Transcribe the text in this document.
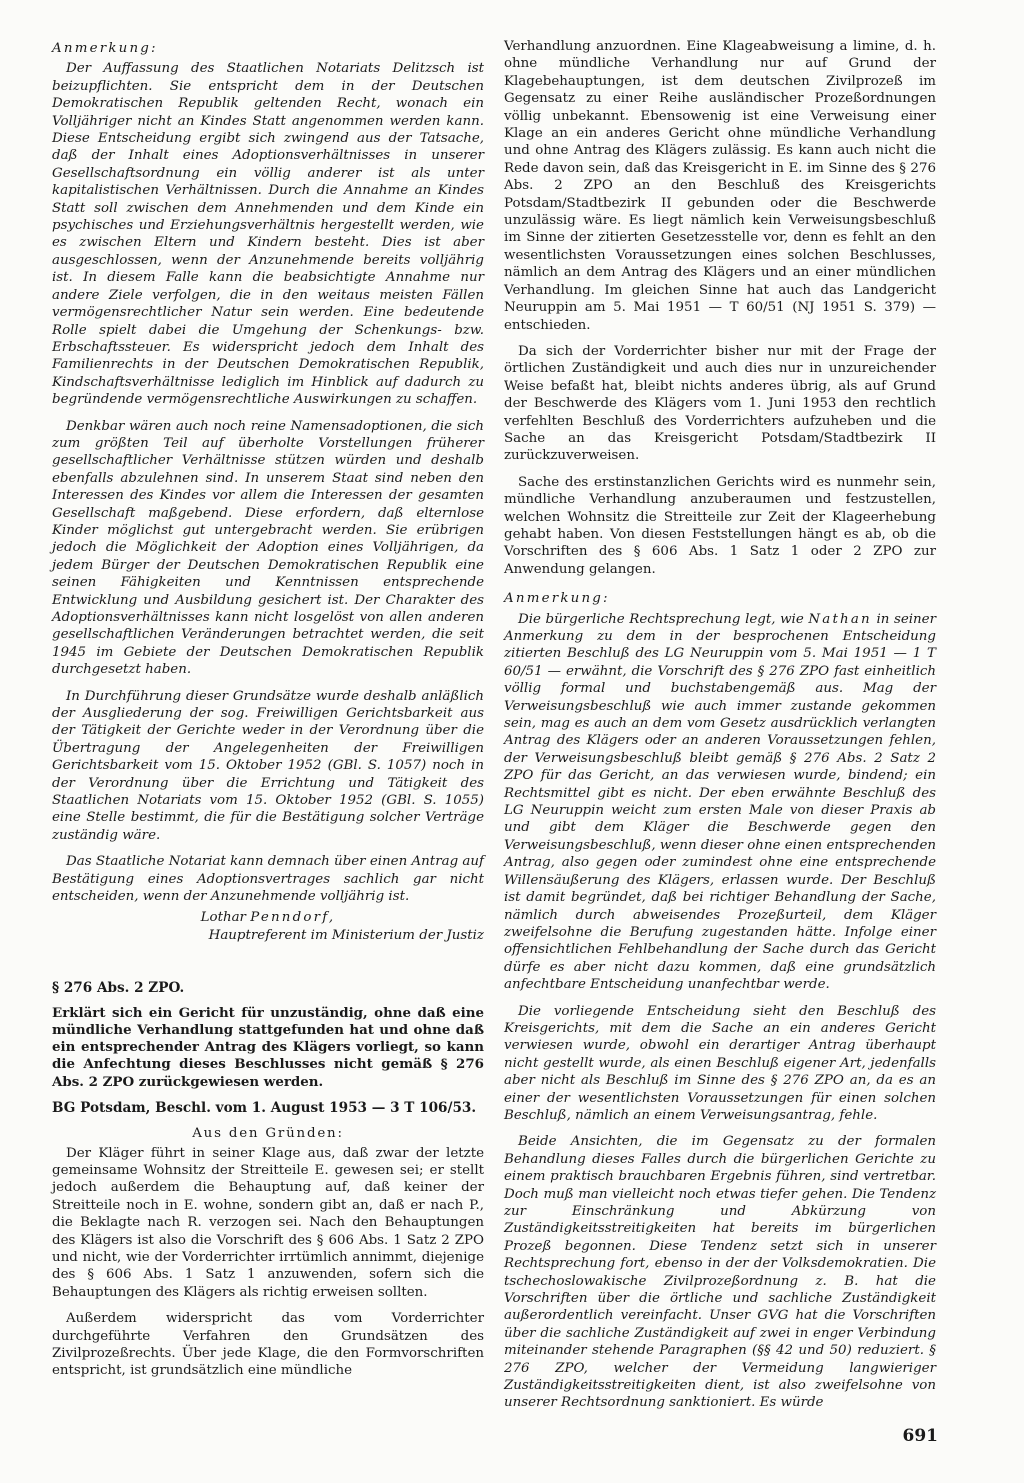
Anmerkung:

Der Auffassung des Staatlichen Notariats Delitzsch ist beizupflichten. Sie entspricht dem in der Deutschen Demokratischen Republik geltenden Recht, wonach ein Volljähriger nicht an Kindes Statt angenommen werden kann. Diese Entscheidung ergibt sich zwingend aus der Tatsache, daß der Inhalt eines Adoptionsverhältnisses in unserer Gesellschaftsordnung ein völlig anderer ist als unter kapitalistischen Verhältnissen. Durch die Annahme an Kindes Statt soll zwischen dem Annehmenden und dem Kinde ein psychisches und Erziehungsverhältnis hergestellt werden, wie es zwischen Eltern und Kindern besteht. Dies ist aber ausgeschlossen, wenn der Anzunehmende bereits volljährig ist. In diesem Falle kann die beabsichtigte Annahme nur andere Ziele verfolgen, die in den weitaus meisten Fällen vermögensrechtlicher Natur sein werden. Eine bedeutende Rolle spielt dabei die Umgehung der Schenkungs- bzw. Erbschaftssteuer. Es widerspricht jedoch dem Inhalt des Familienrechts in der Deutschen Demokratischen Republik, Kindschaftsverhältnisse lediglich im Hinblick auf dadurch zu begründende vermögensrechtliche Auswirkungen zu schaffen.

Denkbar wären auch noch reine Namensadoptionen, die sich zum größten Teil auf überholte Vorstellungen früherer gesellschaftlicher Verhältnisse stützen würden und deshalb ebenfalls abzulehnen sind. In unserem Staat sind neben den Interessen des Kindes vor allem die Interessen der gesamten Gesellschaft maßgebend. Diese erfordern, daß elternlose Kinder möglichst gut untergebracht werden. Sie erübrigen jedoch die Möglichkeit der Adoption eines Volljährigen, da jedem Bürger der Deutschen Demokratischen Republik eine seinen Fähigkeiten und Kenntnissen entsprechende Entwicklung und Ausbildung gesichert ist. Der Charakter des Adoptionsverhältnisses kann nicht losgelöst von allen anderen gesellschaftlichen Veränderungen betrachtet werden, die seit 1945 im Gebiete der Deutschen Demokratischen Republik durchgesetzt haben.

In Durchführung dieser Grundsätze wurde deshalb anläßlich der Ausgliederung der sog. Freiwilligen Gerichtsbarkeit aus der Tätigkeit der Gerichte weder in der Verordnung über die Übertragung der Angelegenheiten der Freiwilligen Gerichtsbarkeit vom 15. Oktober 1952 (GBl. S. 1057) noch in der Verordnung über die Errichtung und Tätigkeit des Staatlichen Notariats vom 15. Oktober 1952 (GBl. S. 1055) eine Stelle bestimmt, die für die Bestätigung solcher Verträge zuständig wäre.

Das Staatliche Notariat kann demnach über einen Antrag auf Bestätigung eines Adoptionsvertrages sachlich gar nicht entscheiden, wenn der Anzunehmende volljährig ist.

Lothar Penndorf,

Hauptreferent im Ministerium der Justiz

§ 276 Abs. 2 ZPO.

Erklärt sich ein Gericht für unzuständig, ohne daß eine mündliche Verhandlung stattgefunden hat und ohne daß ein entsprechender Antrag des Klägers vorliegt, so kann die Anfechtung dieses Beschlusses nicht gemäß § 276 Abs. 2 ZPO zurückgewiesen werden.

BG Potsdam, Beschl. vom 1. August 1953 — 3 T 106/53.

Aus den Gründen:

Der Kläger führt in seiner Klage aus, daß zwar der letzte gemeinsame Wohnsitz der Streitteile E. gewesen sei; er stellt jedoch außerdem die Behauptung auf, daß keiner der Streitteile noch in E. wohne, sondern gibt an, daß er nach P., die Beklagte nach R. verzogen sei. Nach den Behauptungen des Klägers ist also die Vorschrift des § 606 Abs. 1 Satz 2 ZPO und nicht, wie der Vorderrichter irrtümlich annimmt, diejenige des § 606 Abs. 1 Satz 1 anzuwenden, sofern sich die Behauptungen des Klägers als richtig erweisen sollten.

Außerdem widerspricht das vom Vorderrichter durchgeführte Verfahren den Grundsätzen des Zivilprozeßrechts. Über jede Klage, die den Formvorschriften entspricht, ist grundsätzlich eine mündliche

Verhandlung anzuordnen. Eine Klageabweisung a limine, d. h. ohne mündliche Verhandlung nur auf Grund der Klagebehauptungen, ist dem deutschen Zivilprozeß im Gegensatz zu einer Reihe ausländischer Prozeßordnungen völlig unbekannt. Ebensowenig ist eine Verweisung einer Klage an ein anderes Gericht ohne mündliche Verhandlung und ohne Antrag des Klägers zulässig. Es kann auch nicht die Rede davon sein, daß das Kreisgericht in E. im Sinne des § 276 Abs. 2 ZPO an den Beschluß des Kreisgerichts Potsdam/Stadtbezirk II gebunden oder die Beschwerde unzulässig wäre. Es liegt nämlich kein Verweisungsbeschluß im Sinne der zitierten Gesetzesstelle vor, denn es fehlt an den wesentlichsten Voraussetzungen eines solchen Beschlusses, nämlich an dem Antrag des Klägers und an einer mündlichen Verhandlung. Im gleichen Sinne hat auch das Landgericht Neuruppin am 5. Mai 1951 — T 60/51 (NJ 1951 S. 379) — entschieden.

Da sich der Vorderrichter bisher nur mit der Frage der örtlichen Zuständigkeit und auch dies nur in unzureichender Weise befaßt hat, bleibt nichts anderes übrig, als auf Grund der Beschwerde des Klägers vom 1. Juni 1953 den rechtlich verfehlten Beschluß des Vorderrichters aufzuheben und die Sache an das Kreisgericht Potsdam/Stadtbezirk II zurückzuverweisen.

Sache des erstinstanzlichen Gerichts wird es nunmehr sein, mündliche Verhandlung anzuberaumen und festzustellen, welchen Wohnsitz die Streitteile zur Zeit der Klageerhebung gehabt haben. Von diesen Feststellungen hängt es ab, ob die Vorschriften des § 606 Abs. 1 Satz 1 oder 2 ZPO zur Anwendung gelangen.

Anmerkung:

Die bürgerliche Rechtsprechung legt, wie Nathan in seiner Anmerkung zu dem in der besprochenen Entscheidung zitierten Beschluß des LG Neuruppin vom 5. Mai 1951 — 1 T 60/51 — erwähnt, die Vorschrift des § 276 ZPO fast einheitlich völlig formal und buchstabengemäß aus. Mag der Verweisungsbeschluß wie auch immer zustande gekommen sein, mag es auch an dem vom Gesetz ausdrücklich verlangten Antrag des Klägers oder an anderen Voraussetzungen fehlen, der Verweisungsbeschluß bleibt gemäß § 276 Abs. 2 Satz 2 ZPO für das Gericht, an das verwiesen wurde, bindend; ein Rechtsmittel gibt es nicht. Der eben erwähnte Beschluß des LG Neuruppin weicht zum ersten Male von dieser Praxis ab und gibt dem Kläger die Beschwerde gegen den Verweisungsbeschluß, wenn dieser ohne einen entsprechenden Antrag, also gegen oder zumindest ohne eine entsprechende Willensäußerung des Klägers, erlassen wurde. Der Beschluß ist damit begründet, daß bei richtiger Behandlung der Sache, nämlich durch abweisendes Prozeßurteil, dem Kläger zweifelsohne die Berufung zugestanden hätte. Infolge einer offensichtlichen Fehlbehandlung der Sache durch das Gericht dürfe es aber nicht dazu kommen, daß eine grundsätzlich anfechtbare Entscheidung unanfechtbar werde.

Die vorliegende Entscheidung sieht den Beschluß des Kreisgerichts, mit dem die Sache an ein anderes Gericht verwiesen wurde, obwohl ein derartiger Antrag überhaupt nicht gestellt wurde, als einen Beschluß eigener Art, jedenfalls aber nicht als Beschluß im Sinne des § 276 ZPO an, da es an einer der wesentlichsten Voraussetzungen für einen solchen Beschluß, nämlich an einem Verweisungsantrag, fehle.

Beide Ansichten, die im Gegensatz zu der formalen Behandlung dieses Falles durch die bürgerlichen Gerichte zu einem praktisch brauchbaren Ergebnis führen, sind vertretbar. Doch muß man vielleicht noch etwas tiefer gehen. Die Tendenz zur Einschränkung und Abkürzung von Zuständigkeitsstreitigkeiten hat bereits im bürgerlichen Prozeß begonnen. Diese Tendenz setzt sich in unserer Rechtsprechung fort, ebenso in der der Volksdemokratien. Die tschechoslowakische Zivilprozeßordnung z. B. hat die Vorschriften über die örtliche und sachliche Zuständigkeit außerordentlich vereinfacht. Unser GVG hat die Vorschriften über die sachliche Zuständigkeit auf zwei in enger Verbindung miteinander stehende Paragraphen (§§ 42 und 50) reduziert. § 276 ZPO, welcher der Vermeidung langwieriger Zuständigkeitsstreitigkeiten dient, ist also zweifelsohne von unserer Rechtsordnung sanktioniert. Es würde

691
